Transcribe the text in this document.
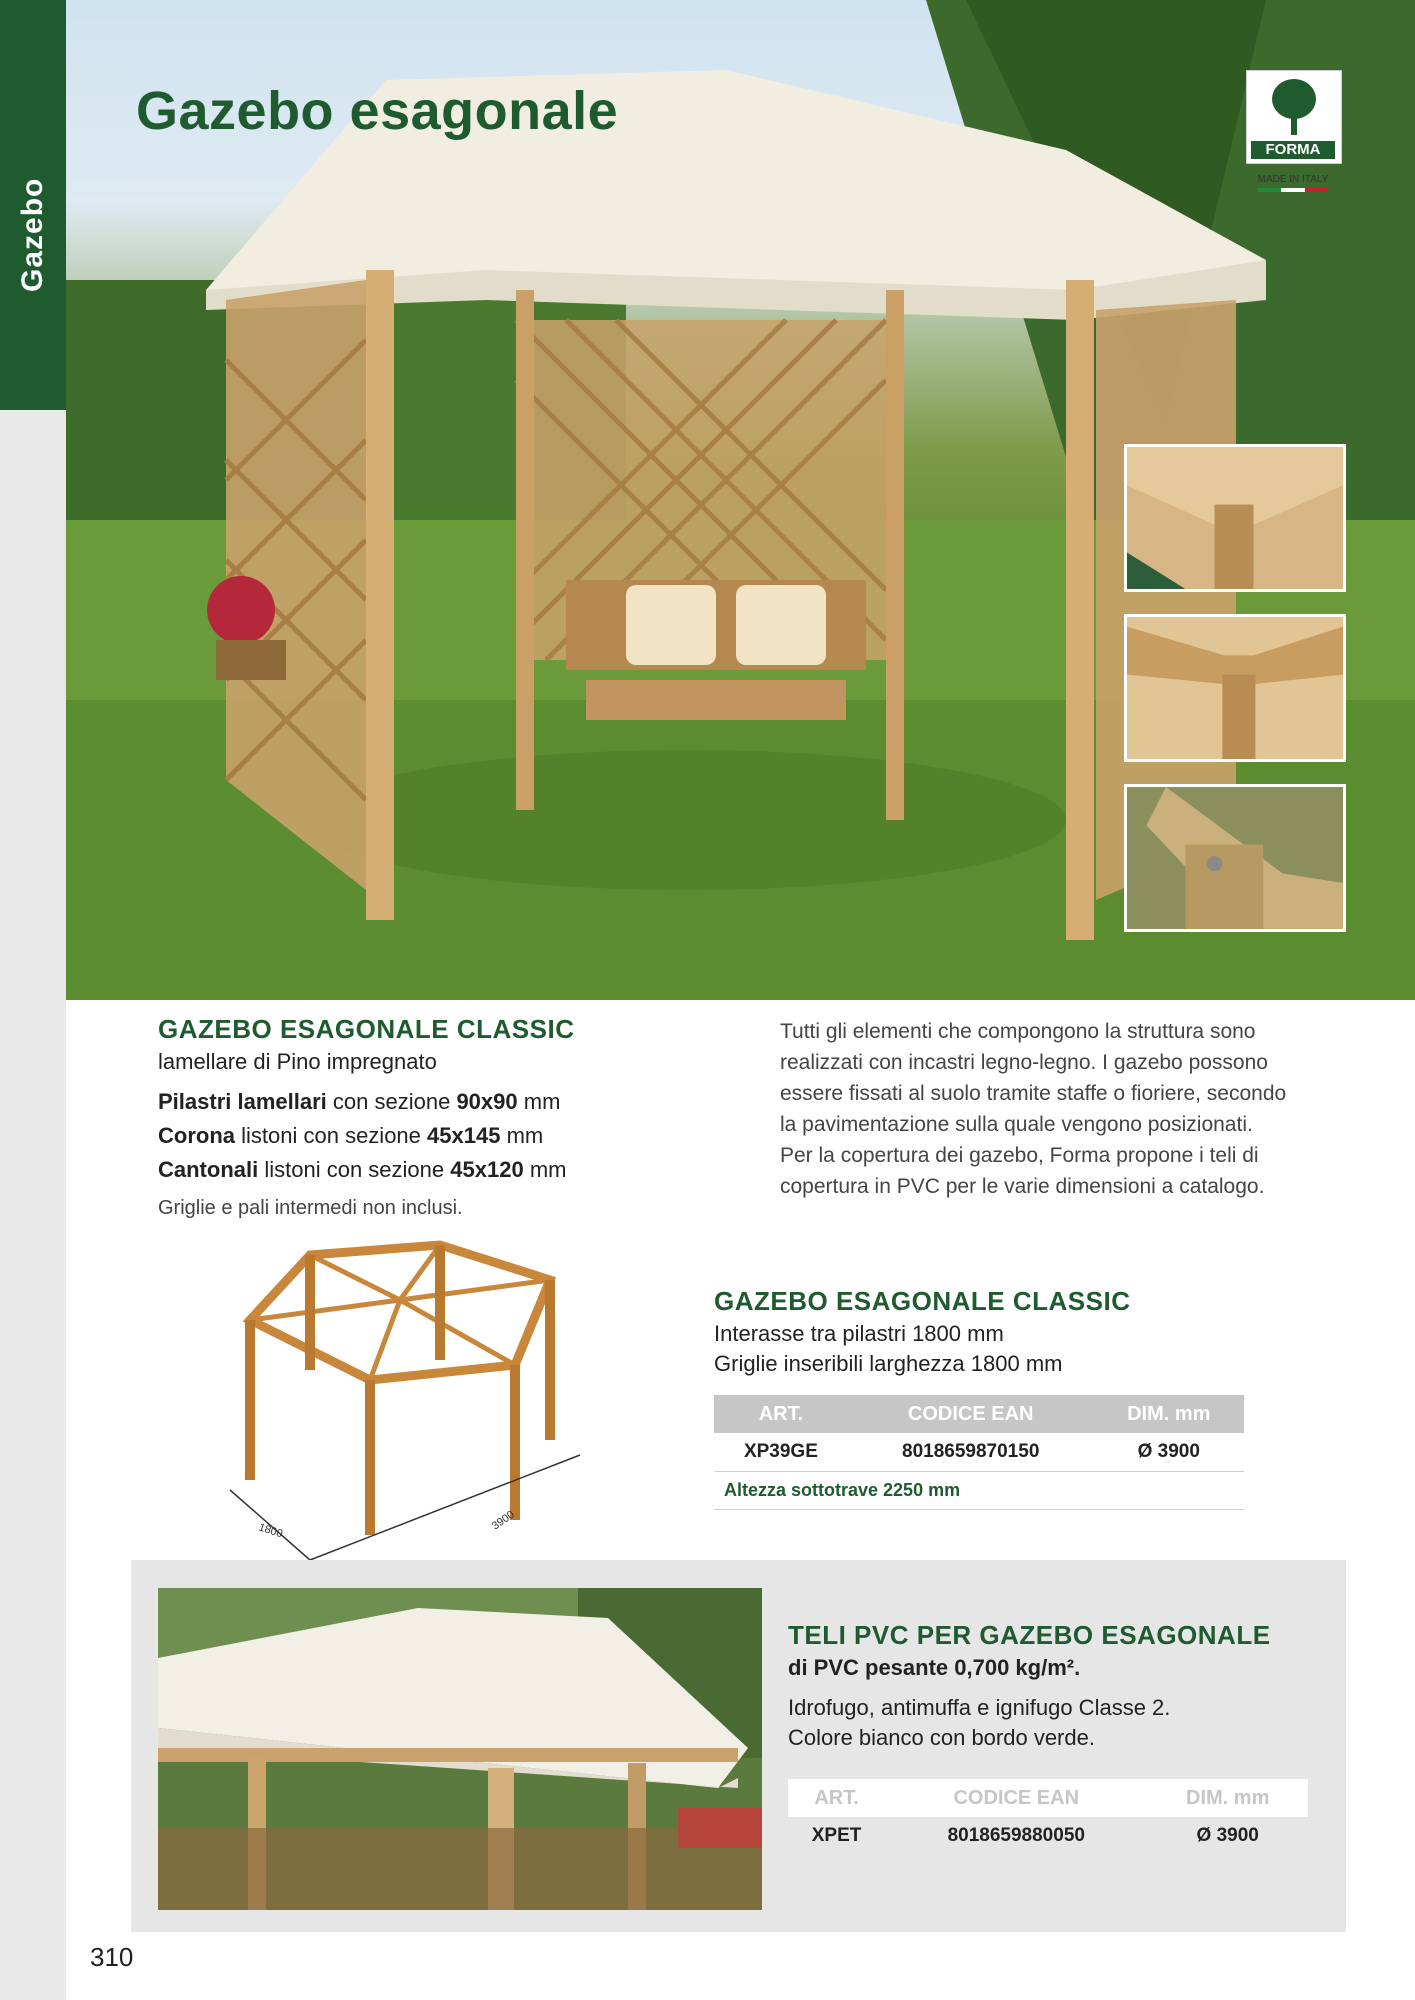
Gazebo
Gazebo esagonale
FORMA
MADE IN ITALY
GAZEBO ESAGONALE CLASSIC
lamellare di Pino impregnato
Pilastri lamellari con sezione 90x90 mm
Corona listoni con sezione 45x145 mm
Cantonali listoni con sezione 45x120 mm
Griglie e pali intermedi non inclusi.
Tutti gli elementi che compongono la struttura sono
realizzati con incastri legno-legno. I gazebo possono
essere fissati al suolo tramite staffe o fioriere, secondo
la pavimentazione sulla quale vengono posizionati.
Per la copertura dei gazebo, Forma propone i teli di
copertura in PVC per le varie dimensioni a catalogo.
1800	3900
GAZEBO ESAGONALE CLASSIC
Interasse tra pilastri 1800 mm
Griglie inseribili larghezza 1800 mm
ART.	CODICE EAN	DIM. mm
XP39GE	8018659870150	Ø 3900
Altezza sottotrave 2250 mm
TELI PVC PER GAZEBO ESAGONALE
di PVC pesante 0,700 kg/m².
Idrofugo, antimuffa e ignifugo Classe 2.
Colore bianco con bordo verde.
ART.	CODICE EAN	DIM. mm
XPET	8018659880050	Ø 3900
310
